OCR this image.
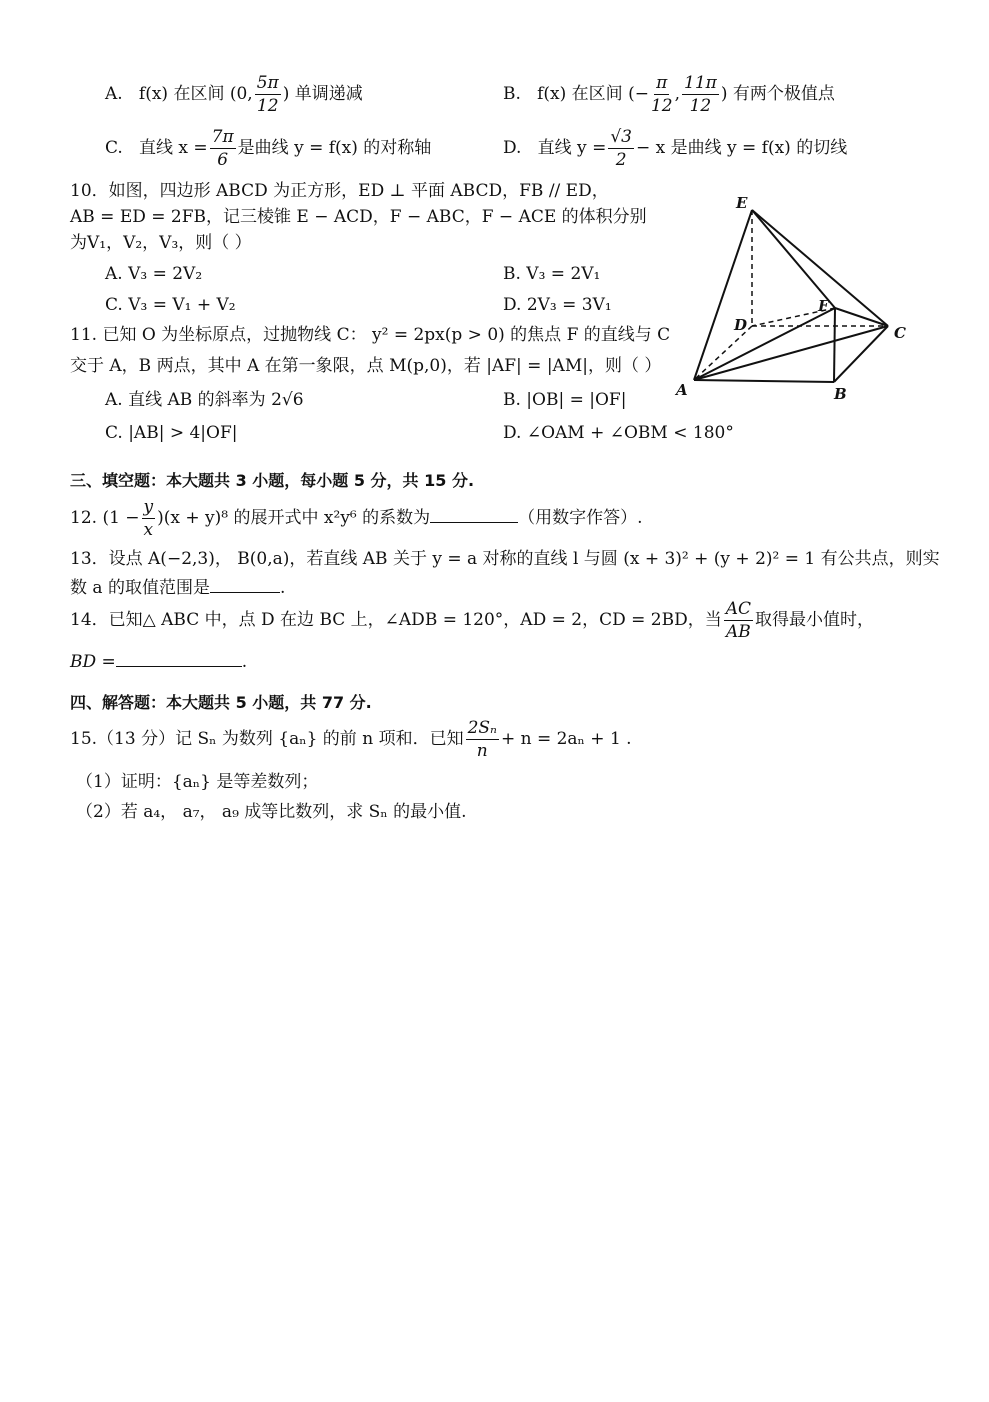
A. f(x) 在区间 (0, $\frac{5\pi}{12}$ ) 单调递减	B. f(x) 在区间 (− $\frac{\pi}{12}$ , $\frac{11\pi}{12}$ ) 有两个极值点
C. 直线 $x = \frac{7\pi}{6}$ 是曲线 y = f(x) 的对称轴	D. 直线 $y = \frac{√3}{2} - x$ 是曲线 y = f(x) 的切线
10．如图，四边形 ABCD 为正方形，ED ⊥ 平面 ABCD，FB // ED，
AB = ED = 2FB，记三棱锥 E − ACD，F − ABC，F − ACE 的体积分别
为V₁，V₂，V₃，则（ ）
A. V₃ = 2V₂	B. V₃ = 2V₁
C. V₃ = V₁ + V₂	D. 2V₃ = 3V₁
11. 已知 O 为坐标原点，过抛物线 C： y² = 2px(p > 0) 的焦点 F 的直线与 C
交于 A，B 两点，其中 A 在第一象限，点 M(p,0)，若 |AF| = |AM|，则（ ）
A. 直线 AB 的斜率为 2√6	B. |OB| = |OF|
C. |AB| > 4|OF|	D. ∠OAM + ∠OBM < 180°
E
F
D	C
A	B
三、填空题：本大题共 3 小题，每小题 5 分，共 15 分.
12. $(1 - \frac{y}{x} )(x + y)^8$ 的展开式中 x²y⁶ 的系数为	（用数字作答）.
13．设点 A(−2,3)， B(0,a)，若直线 AB 关于 y = a 对称的直线 l 与圆 (x + 3)² + (y + 2)² = 1 有公共点，则实
数 a 的取值范围是	.
14．已知△ ABC 中，点 D 在边 BC 上，∠ADB = 120°，AD = 2，CD = 2BD，当 $\frac{AC}{AB}$ 取得最小值时，
BD =	.
四、解答题：本大题共 5 小题，共 77 分.
15.（13 分）记 Sₙ 为数列 {aₙ} 的前 n 项和．已知 $\frac{\text{2Sₙ}}{n} + n = 2a_n + 1$ .
（1）证明：{aₙ} 是等差数列；
（2）若 a₄， a₇， a₉ 成等比数列，求 Sₙ 的最小值.
